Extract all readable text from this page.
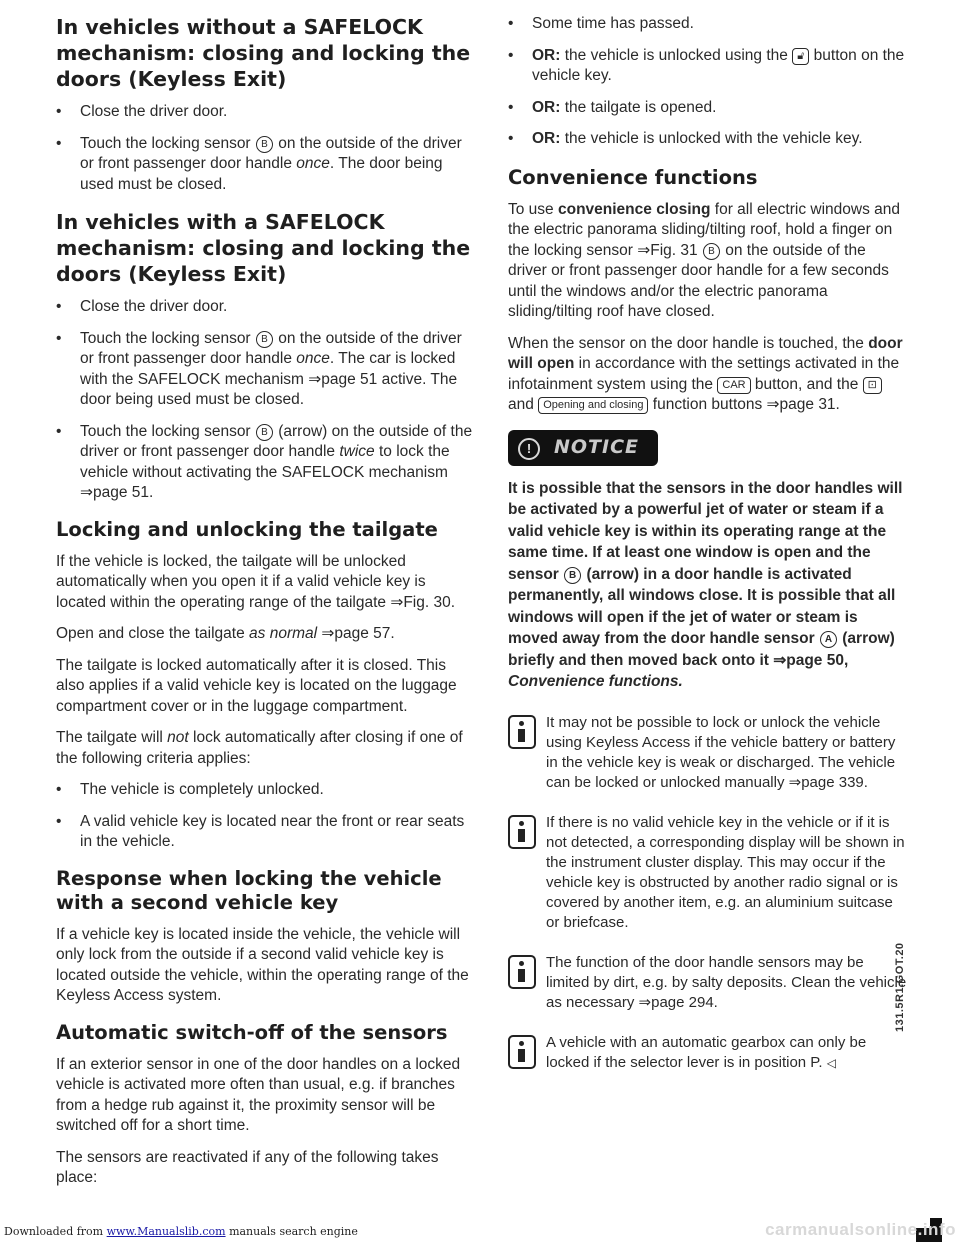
In vehicles without a SAFELOCK mechanism: closing and locking the doors (Keyless Exit)

•	Close the driver door.

•	Touch the locking sensor B on the outside of the driver or front passenger door handle once. The door being used must be closed.

In vehicles with a SAFELOCK mechanism: closing and locking the doors (Keyless Exit)

•	Close the driver door.

•	Touch the locking sensor B on the outside of the driver or front passenger door handle once. The car is locked with the SAFELOCK mechanism ⇒page 51 active. The door being used must be closed.

•	Touch the locking sensor B (arrow) on the outside of the driver or front passenger door handle twice to lock the vehicle without activating the SAFELOCK mechanism ⇒page 51.

Locking and unlocking the tailgate

If the vehicle is locked, the tailgate will be unlocked automatically when you open it if a valid vehicle key is located within the operating range of the tailgate ⇒Fig. 30.

Open and close the tailgate as normal ⇒page 57.

The tailgate is locked automatically after it is closed. This also applies if a valid vehicle key is located on the luggage compartment cover or in the luggage compartment.

The tailgate will not lock automatically after closing if one of the following criteria applies:

•	The vehicle is completely unlocked.

•	A valid vehicle key is located near the front or rear seats in the vehicle.

Response when locking the vehicle with a second vehicle key

If a vehicle key is located inside the vehicle, the vehicle will only lock from the outside if a second valid vehicle key is located outside the vehicle, within the operating range of the Keyless Access system.

Automatic switch-off of the sensors

If an exterior sensor in one of the door handles on a locked vehicle is activated more often than usual, e.g. if branches from a hedge rub against it, the proximity sensor will be switched off for a short time.

The sensors are reactivated if any of the following takes place:

•	Some time has passed.

•	OR: the vehicle is unlocked using the 🔓︎ button on the vehicle key.

•	OR: the tailgate is opened.

•	OR: the vehicle is unlocked with the vehicle key.

Convenience functions

To use convenience closing for all electric windows and the electric panorama sliding/tilting roof, hold a finger on the locking sensor ⇒Fig. 31 B on the outside of the driver or front passenger door handle for a few seconds until the windows and/or the electric panorama sliding/tilting roof have closed.

When the sensor on the door handle is touched, the door will open in accordance with the settings activated in the infotainment system using the CAR button, and the ⊡ and Opening and closing function buttons ⇒page 31.

!	NOTICE

It is possible that the sensors in the door handles will be activated by a powerful jet of water or steam if a valid vehicle key is within its operating range at the same time. If at least one window is open and the sensor B (arrow) in a door handle is activated permanently, all windows close. It is possible that all windows will open if the jet of water or steam is moved away from the door handle sensor A (arrow) briefly and then moved back onto it ⇒page 50, Convenience functions.

It may not be possible to lock or unlock the vehicle using Keyless Access if the vehicle battery or battery in the vehicle key is weak or discharged. The vehicle can be locked or unlocked manually ⇒page 339.

If there is no valid vehicle key in the vehicle or if it is not detected, a corresponding display will be shown in the instrument cluster display. This may occur if the vehicle key is obstructed by another radio signal or is covered by another item, e.g. an aluminium suitcase or briefcase.

The function of the door handle sensors may be limited by dirt, e.g. by salty deposits. Clean the vehicle as necessary ⇒page 294.

A vehicle with an automatic gearbox can only be locked if the selector lever is in position P. ◁

131.5R1.GOT.20
Downloaded from www.Manualslib.com manuals search engine	carmanualsonline.info
